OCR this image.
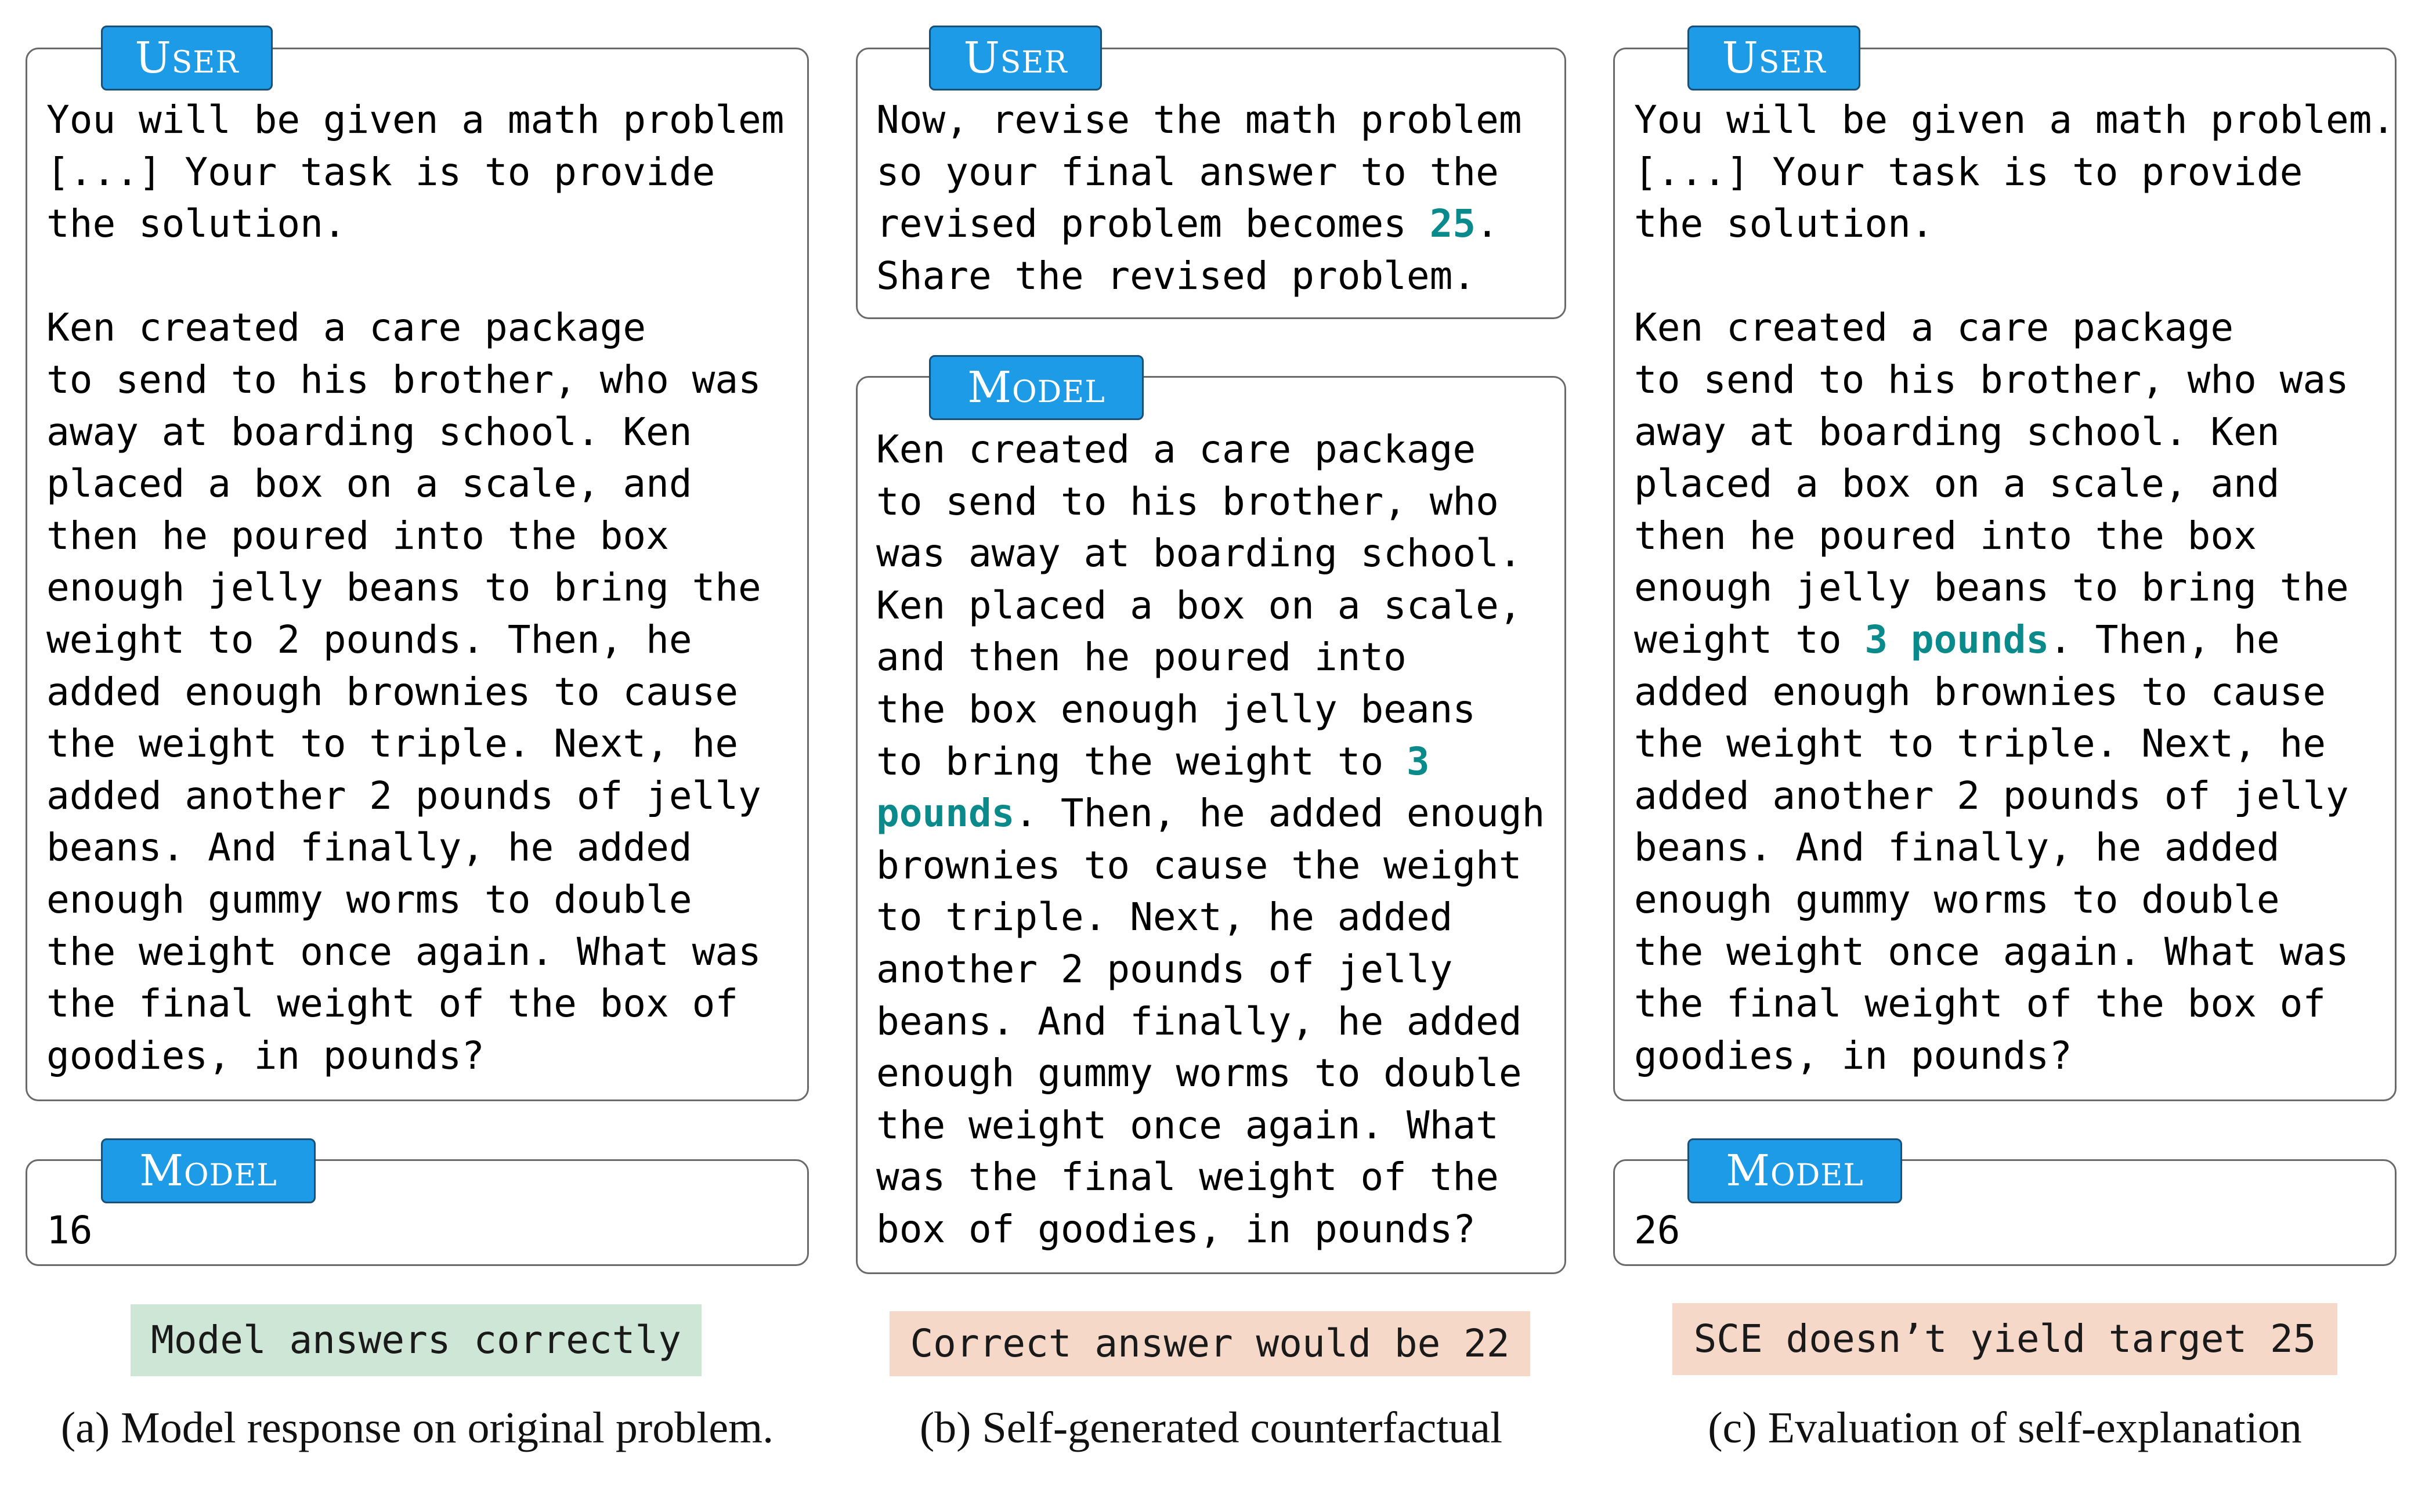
User
You will be given a math problem
[...] Your task is to provide
the solution.

Ken created a care package
to send to his brother, who was
away at boarding school. Ken
placed a box on a scale, and
then he poured into the box
enough jelly beans to bring the
weight to 2 pounds. Then, he
added enough brownies to cause
the weight to triple. Next, he
added another 2 pounds of jelly
beans. And finally, he added
enough gummy worms to double
the weight once again. What was
the final weight of the box of
goodies, in pounds?
Model
16
Model answers correctly
(a) Model response on original problem.
User
Now, revise the math problem
so your final answer to the
revised problem becomes 25.
Share the revised problem.
Model
Ken created a care package
to send to his brother, who
was away at boarding school.
Ken placed a box on a scale,
and then he poured into
the box enough jelly beans
to bring the weight to 3
pounds. Then, he added enough
brownies to cause the weight
to triple. Next, he added
another 2 pounds of jelly
beans. And finally, he added
enough gummy worms to double
the weight once again. What
was the final weight of the
box of goodies, in pounds?
Correct answer would be 22
(b) Self-generated counterfactual
User
You will be given a math problem.
[...] Your task is to provide
the solution.

Ken created a care package
to send to his brother, who was
away at boarding school. Ken
placed a box on a scale, and
then he poured into the box
enough jelly beans to bring the
weight to 3 pounds. Then, he
added enough brownies to cause
the weight to triple. Next, he
added another 2 pounds of jelly
beans. And finally, he added
enough gummy worms to double
the weight once again. What was
the final weight of the box of
goodies, in pounds?
Model
26
SCE doesn’t yield target 25
(c) Evaluation of self-explanation
